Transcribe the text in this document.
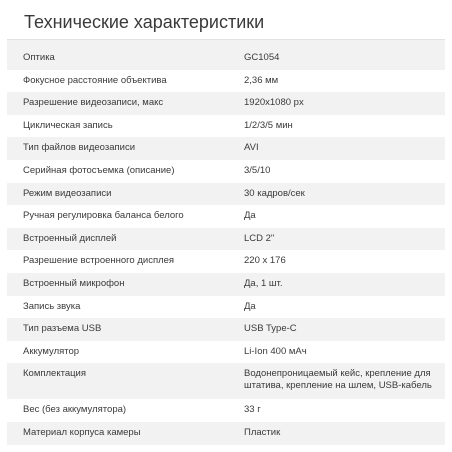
Технические характеристики
Оптика	GC1054
Фокусное расстояние объектива	2,36 мм
Разрешение видеозаписи, макс	1920x1080 px
Циклическая запись	1/2/3/5 мин
Тип файлов видеозаписи	AVI
Серийная фотосъемка (описание)	3/5/10
Режим видеозаписи	30 кадров/сек
Ручная регулировка баланса белого	Да
Встроенный дисплей	LCD 2"
Разрешение встроенного дисплея	220 x 176
Встроенный микрофон	Да, 1 шт.
Запись звука	Да
Тип разъема USB	USB Type-C
Аккумулятор	Li-Ion 400 мАч
Комплектация	Водонепроницаемый кейс, крепление для штатива, крепление на шлем, USB-кабель
Вес (без аккумулятора)	33 г
Материал корпуса камеры	Пластик
